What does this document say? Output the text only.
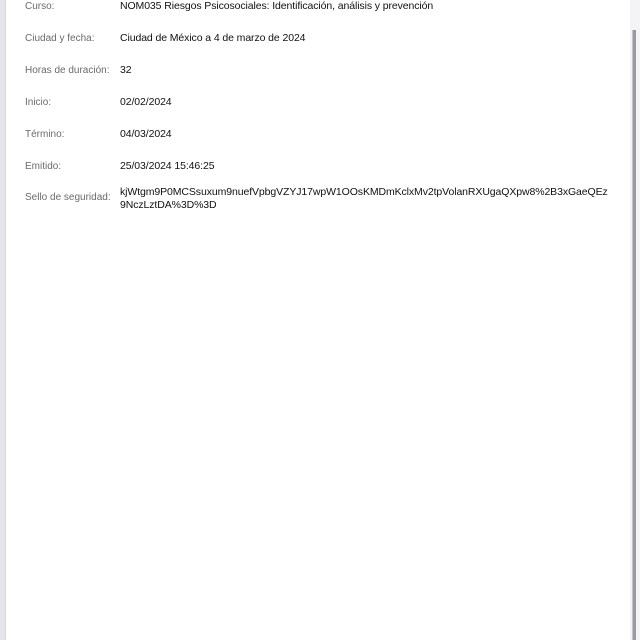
Curso:	NOM035 Riesgos Psicosociales: Identificación, análisis y prevención
Ciudad y fecha:	Ciudad de México a 4 de marzo de 2024
Horas de duración:	32
Inicio:	02/02/2024
Término:	04/03/2024
Emitido:	25/03/2024 15:46:25
Sello de seguridad: kjWtgm9P0MCSsuxum9nuefVpbgVZYJ17wpW1OOsKMDmKclxMv2tpVolanRXUgaQXpw8%2B3xGaeQEz9NczLztDA%3D%3D
